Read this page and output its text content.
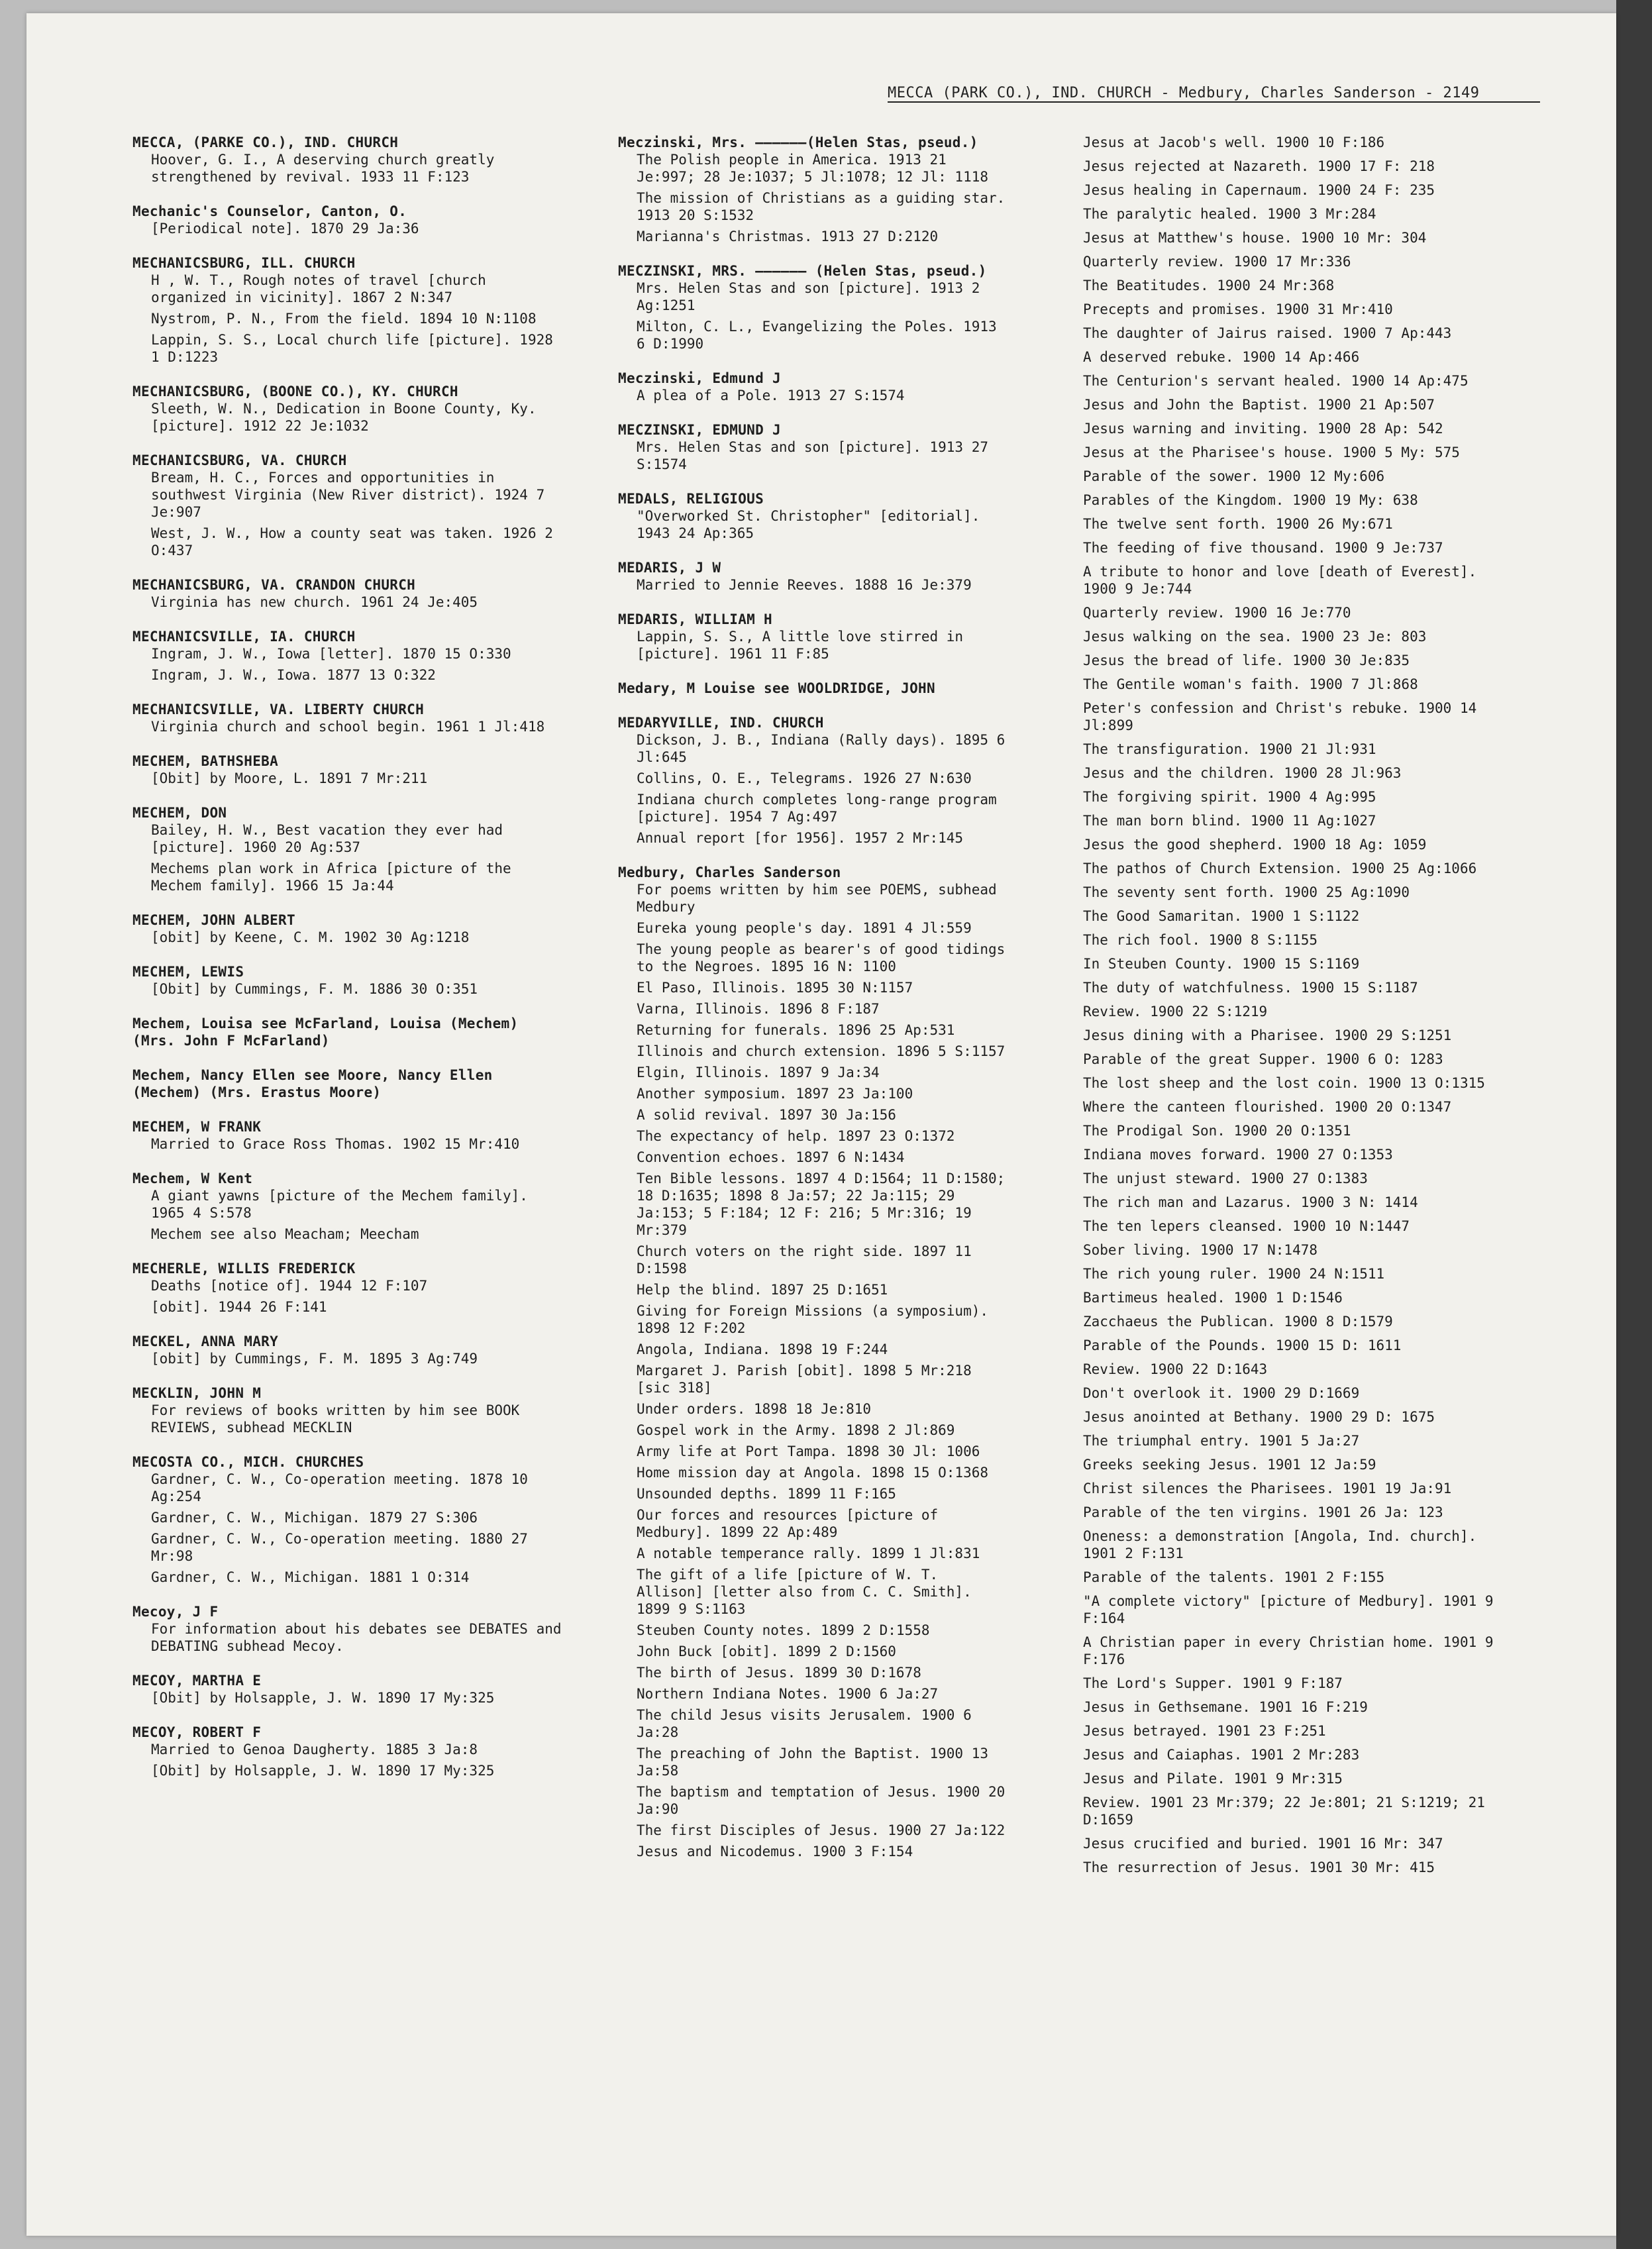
MECCA (PARK CO.), IND. CHURCH - Medbury, Charles Sanderson - 2149
MECCA, (PARKE CO.), IND. CHURCH
Hoover, G. I., A deserving church greatly strengthened by revival. 1933 11 F:123
Mechanic's Counselor, Canton, O.
[Periodical note]. 1870 29 Ja:36
MECHANICSBURG, ILL. CHURCH
H , W. T., Rough notes of travel [church organized in vicinity]. 1867 2 N:347
Nystrom, P. N., From the field. 1894 10 N:1108
Lappin, S. S., Local church life [picture]. 1928 1 D:1223
MECHANICSBURG, (BOONE CO.), KY. CHURCH
Sleeth, W. N., Dedication in Boone County, Ky. [picture]. 1912 22 Je:1032
MECHANICSBURG, VA. CHURCH
Bream, H. C., Forces and opportunities in southwest Virginia (New River district). 1924 7 Je:907
West, J. W., How a county seat was taken. 1926 2 O:437
MECHANICSBURG, VA. CRANDON CHURCH
Virginia has new church. 1961 24 Je:405
MECHANICSVILLE, IA. CHURCH
Ingram, J. W., Iowa [letter]. 1870 15 O:330
Ingram, J. W., Iowa. 1877 13 O:322
MECHANICSVILLE, VA. LIBERTY CHURCH
Virginia church and school begin. 1961 1 Jl:418
MECHEM, BATHSHEBA
[Obit] by Moore, L. 1891 7 Mr:211
MECHEM, DON
Bailey, H. W., Best vacation they ever had [picture]. 1960 20 Ag:537
Mechems plan work in Africa [picture of the Mechem family]. 1966 15 Ja:44
MECHEM, JOHN ALBERT
[obit] by Keene, C. M. 1902 30 Ag:1218
MECHEM, LEWIS
[Obit] by Cummings, F. M. 1886 30 O:351
Mechem, Louisa see McFarland, Louisa (Mechem) (Mrs. John F McFarland)
Mechem, Nancy Ellen see Moore, Nancy Ellen (Mechem) (Mrs. Erastus Moore)
MECHEM, W FRANK
Married to Grace Ross Thomas. 1902 15 Mr:410
Mechem, W Kent
A giant yawns [picture of the Mechem family]. 1965 4 S:578
Mechem see also Meacham; Meecham
MECHERLE, WILLIS FREDERICK
Deaths [notice of]. 1944 12 F:107
[obit]. 1944 26 F:141
MECKEL, ANNA MARY
[obit] by Cummings, F. M. 1895 3 Ag:749
MECKLIN, JOHN M
For reviews of books written by him see BOOK REVIEWS, subhead MECKLIN
MECOSTA CO., MICH. CHURCHES
Gardner, C. W., Co-operation meeting. 1878 10 Ag:254
Gardner, C. W., Michigan. 1879 27 S:306
Gardner, C. W., Co-operation meeting. 1880 27 Mr:98
Gardner, C. W., Michigan. 1881 1 O:314
Mecoy, J F
For information about his debates see DEBATES and DEBATING subhead Mecoy.
MECOY, MARTHA E
[Obit] by Holsapple, J. W. 1890 17 My:325
MECOY, ROBERT F
Married to Genoa Daugherty. 1885 3 Ja:8
[Obit] by Holsapple, J. W. 1890 17 My:325
Meczinski, Mrs. ——————(Helen Stas, pseud.)
The Polish people in America. 1913 21 Je:997; 28 Je:1037; 5 Jl:1078; 12 Jl: 1118
The mission of Christians as a guiding star. 1913 20 S:1532
Marianna's Christmas. 1913 27 D:2120
MECZINSKI, MRS. —————— (Helen Stas, pseud.)
Mrs. Helen Stas and son [picture]. 1913 2 Ag:1251
Milton, C. L., Evangelizing the Poles. 1913 6 D:1990
Meczinski, Edmund J
A plea of a Pole. 1913 27 S:1574
MECZINSKI, EDMUND J
Mrs. Helen Stas and son [picture]. 1913 27 S:1574
MEDALS, RELIGIOUS
"Overworked St. Christopher" [editorial]. 1943 24 Ap:365
MEDARIS, J W
Married to Jennie Reeves. 1888 16 Je:379
MEDARIS, WILLIAM H
Lappin, S. S., A little love stirred in [picture]. 1961 11 F:85
Medary, M Louise see WOOLDRIDGE, JOHN
MEDARYVILLE, IND. CHURCH
Dickson, J. B., Indiana (Rally days). 1895 6 Jl:645
Collins, O. E., Telegrams. 1926 27 N:630
Indiana church completes long-range program [picture]. 1954 7 Ag:497
Annual report [for 1956]. 1957 2 Mr:145
Medbury, Charles Sanderson
For poems written by him see POEMS, subhead Medbury
Eureka young people's day. 1891 4 Jl:559
The young people as bearer's of good tidings to the Negroes. 1895 16 N: 1100
El Paso, Illinois. 1895 30 N:1157
Varna, Illinois. 1896 8 F:187
Returning for funerals. 1896 25 Ap:531
Illinois and church extension. 1896 5 S:1157
Elgin, Illinois. 1897 9 Ja:34
Another symposium. 1897 23 Ja:100
A solid revival. 1897 30 Ja:156
The expectancy of help. 1897 23 O:1372
Convention echoes. 1897 6 N:1434
Ten Bible lessons. 1897 4 D:1564; 11 D:1580; 18 D:1635; 1898 8 Ja:57; 22 Ja:115; 29 Ja:153; 5 F:184; 12 F: 216; 5 Mr:316; 19 Mr:379
Church voters on the right side. 1897 11 D:1598
Help the blind. 1897 25 D:1651
Giving for Foreign Missions (a symposium). 1898 12 F:202
Angola, Indiana. 1898 19 F:244
Margaret J. Parish [obit]. 1898 5 Mr:218 [sic 318]
Under orders. 1898 18 Je:810
Gospel work in the Army. 1898 2 Jl:869
Army life at Port Tampa. 1898 30 Jl: 1006
Home mission day at Angola. 1898 15 O:1368
Unsounded depths. 1899 11 F:165
Our forces and resources [picture of Medbury]. 1899 22 Ap:489
A notable temperance rally. 1899 1 Jl:831
The gift of a life [picture of W. T. Allison] [letter also from C. C. Smith]. 1899 9 S:1163
Steuben County notes. 1899 2 D:1558
John Buck [obit]. 1899 2 D:1560
The birth of Jesus. 1899 30 D:1678
Northern Indiana Notes. 1900 6 Ja:27
The child Jesus visits Jerusalem. 1900 6 Ja:28
The preaching of John the Baptist. 1900 13 Ja:58
The baptism and temptation of Jesus. 1900 20 Ja:90
The first Disciples of Jesus. 1900 27 Ja:122
Jesus and Nicodemus. 1900 3 F:154
Jesus at Jacob's well. 1900 10 F:186
Jesus rejected at Nazareth. 1900 17 F: 218
Jesus healing in Capernaum. 1900 24 F: 235
The paralytic healed. 1900 3 Mr:284
Jesus at Matthew's house. 1900 10 Mr: 304
Quarterly review. 1900 17 Mr:336
The Beatitudes. 1900 24 Mr:368
Precepts and promises. 1900 31 Mr:410
The daughter of Jairus raised. 1900 7 Ap:443
A deserved rebuke. 1900 14 Ap:466
The Centurion's servant healed. 1900 14 Ap:475
Jesus and John the Baptist. 1900 21 Ap:507
Jesus warning and inviting. 1900 28 Ap: 542
Jesus at the Pharisee's house. 1900 5 My: 575
Parable of the sower. 1900 12 My:606
Parables of the Kingdom. 1900 19 My: 638
The twelve sent forth. 1900 26 My:671
The feeding of five thousand. 1900 9 Je:737
A tribute to honor and love [death of Everest]. 1900 9 Je:744
Quarterly review. 1900 16 Je:770
Jesus walking on the sea. 1900 23 Je: 803
Jesus the bread of life. 1900 30 Je:835
The Gentile woman's faith. 1900 7 Jl:868
Peter's confession and Christ's rebuke. 1900 14 Jl:899
The transfiguration. 1900 21 Jl:931
Jesus and the children. 1900 28 Jl:963
The forgiving spirit. 1900 4 Ag:995
The man born blind. 1900 11 Ag:1027
Jesus the good shepherd. 1900 18 Ag: 1059
The pathos of Church Extension. 1900 25 Ag:1066
The seventy sent forth. 1900 25 Ag:1090
The Good Samaritan. 1900 1 S:1122
The rich fool. 1900 8 S:1155
In Steuben County. 1900 15 S:1169
The duty of watchfulness. 1900 15 S:1187
Review. 1900 22 S:1219
Jesus dining with a Pharisee. 1900 29 S:1251
Parable of the great Supper. 1900 6 O: 1283
The lost sheep and the lost coin. 1900 13 O:1315
Where the canteen flourished. 1900 20 O:1347
The Prodigal Son. 1900 20 O:1351
Indiana moves forward. 1900 27 O:1353
The unjust steward. 1900 27 O:1383
The rich man and Lazarus. 1900 3 N: 1414
The ten lepers cleansed. 1900 10 N:1447
Sober living. 1900 17 N:1478
The rich young ruler. 1900 24 N:1511
Bartimeus healed. 1900 1 D:1546
Zacchaeus the Publican. 1900 8 D:1579
Parable of the Pounds. 1900 15 D: 1611
Review. 1900 22 D:1643
Don't overlook it. 1900 29 D:1669
Jesus anointed at Bethany. 1900 29 D: 1675
The triumphal entry. 1901 5 Ja:27
Greeks seeking Jesus. 1901 12 Ja:59
Christ silences the Pharisees. 1901 19 Ja:91
Parable of the ten virgins. 1901 26 Ja: 123
Oneness: a demonstration [Angola, Ind. church]. 1901 2 F:131
Parable of the talents. 1901 2 F:155
"A complete victory" [picture of Medbury]. 1901 9 F:164
A Christian paper in every Christian home. 1901 9 F:176
The Lord's Supper. 1901 9 F:187
Jesus in Gethsemane. 1901 16 F:219
Jesus betrayed. 1901 23 F:251
Jesus and Caiaphas. 1901 2 Mr:283
Jesus and Pilate. 1901 9 Mr:315
Review. 1901 23 Mr:379; 22 Je:801; 21 S:1219; 21 D:1659
Jesus crucified and buried. 1901 16 Mr: 347
The resurrection of Jesus. 1901 30 Mr: 415
